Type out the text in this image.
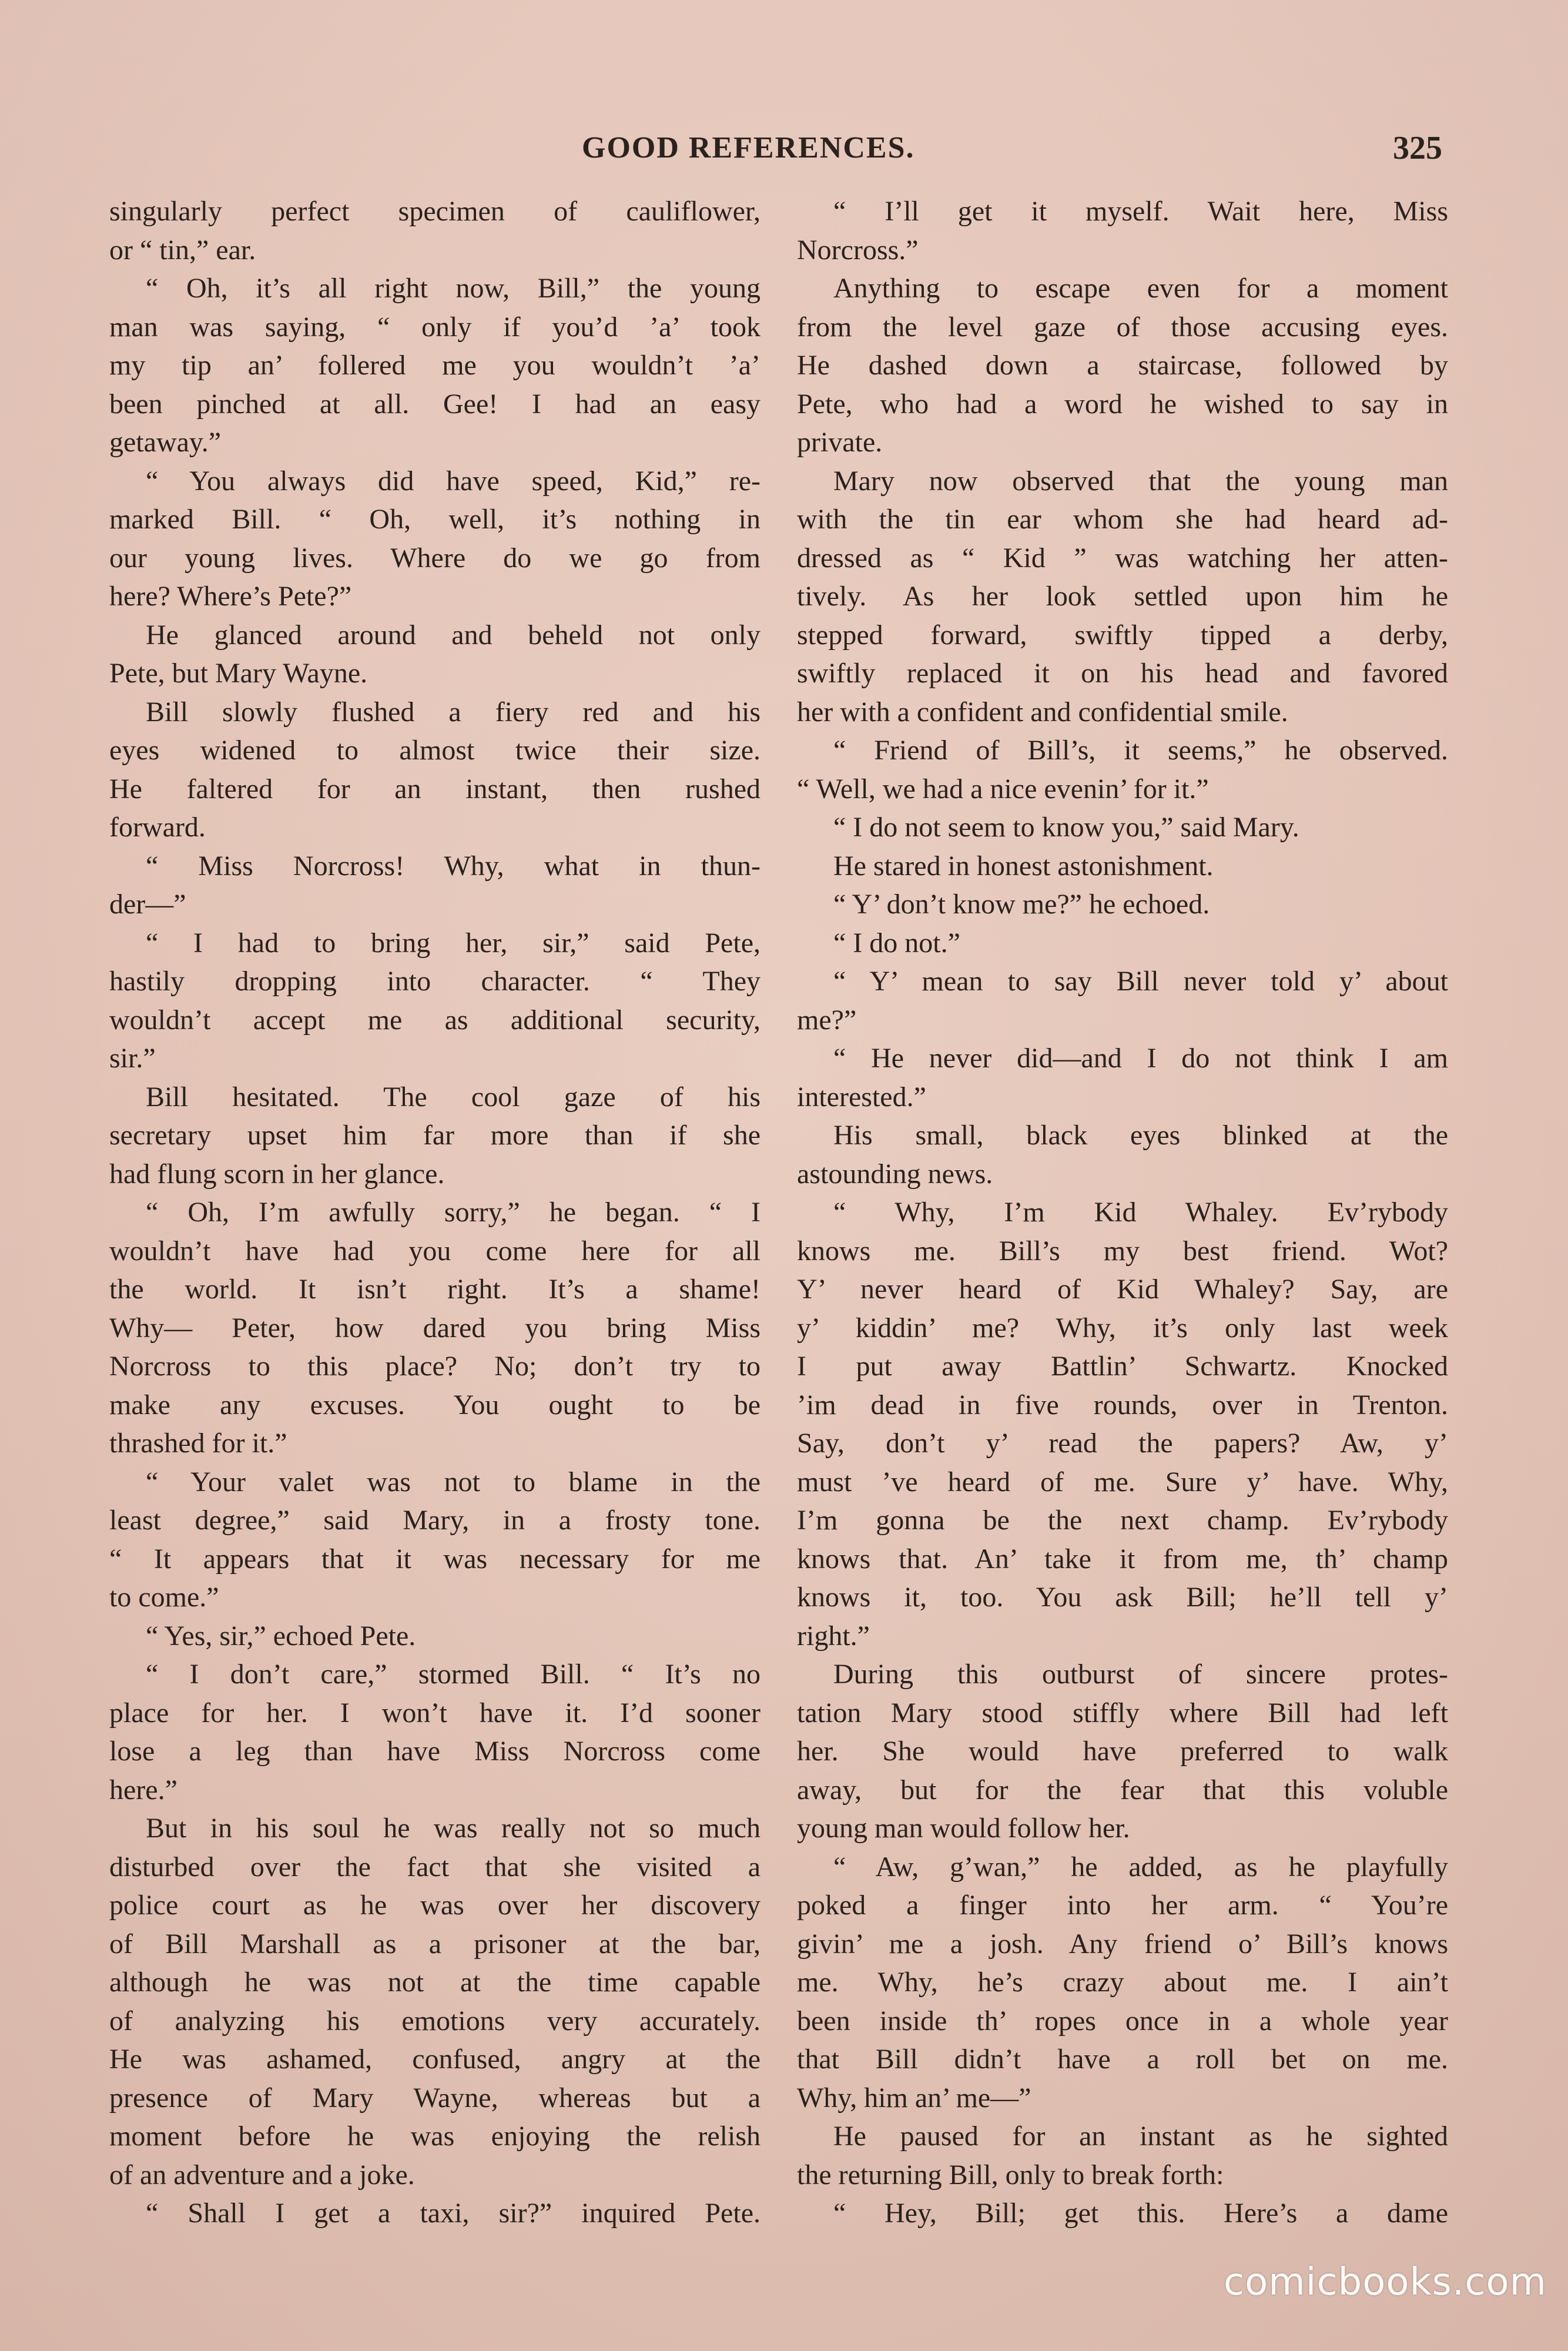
GOOD REFERENCES.	325
singularly perfect specimen of cauliflower,
or “ tin,” ear.
“ Oh, it’s all right now, Bill,” the young
man was saying, “ only if you’d ’a’ took
my tip an’ follered me you wouldn’t ’a’
been pinched at all. Gee! I had an easy
getaway.”
“ You always did have speed, Kid,” re-
marked Bill. “ Oh, well, it’s nothing in
our young lives. Where do we go from
here? Where’s Pete?”
He glanced around and beheld not only
Pete, but Mary Wayne.
Bill slowly flushed a fiery red and his
eyes widened to almost twice their size.
He faltered for an instant, then rushed
forward.
“ Miss Norcross! Why, what in thun-
der—”
“ I had to bring her, sir,” said Pete,
hastily dropping into character. “ They
wouldn’t accept me as additional security,
sir.”
Bill hesitated. The cool gaze of his
secretary upset him far more than if she
had flung scorn in her glance.
“ Oh, I’m awfully sorry,” he began. “ I
wouldn’t have had you come here for all
the world. It isn’t right. It’s a shame!
Why— Peter, how dared you bring Miss
Norcross to this place? No; don’t try to
make any excuses. You ought to be
thrashed for it.”
“ Your valet was not to blame in the
least degree,” said Mary, in a frosty tone.
“ It appears that it was necessary for me
to come.”
“ Yes, sir,” echoed Pete.
“ I don’t care,” stormed Bill. “ It’s no
place for her. I won’t have it. I’d sooner
lose a leg than have Miss Norcross come
here.”
But in his soul he was really not so much
disturbed over the fact that she visited a
police court as he was over her discovery
of Bill Marshall as a prisoner at the bar,
although he was not at the time capable
of analyzing his emotions very accurately.
He was ashamed, confused, angry at the
presence of Mary Wayne, whereas but a
moment before he was enjoying the relish
of an adventure and a joke.
“ Shall I get a taxi, sir?” inquired Pete.
“ I’ll get it myself. Wait here, Miss
Norcross.”
Anything to escape even for a moment
from the level gaze of those accusing eyes.
He dashed down a staircase, followed by
Pete, who had a word he wished to say in
private.
Mary now observed that the young man
with the tin ear whom she had heard ad-
dressed as “ Kid ” was watching her atten-
tively. As her look settled upon him he
stepped forward, swiftly tipped a derby,
swiftly replaced it on his head and favored
her with a confident and confidential smile.
“ Friend of Bill’s, it seems,” he observed.
“ Well, we had a nice evenin’ for it.”
“ I do not seem to know you,” said Mary.
He stared in honest astonishment.
“ Y’ don’t know me?” he echoed.
“ I do not.”
“ Y’ mean to say Bill never told y’ about
me?”
“ He never did—and I do not think I am
interested.”
His small, black eyes blinked at the
astounding news.
“ Why, I’m Kid Whaley. Ev’rybody
knows me. Bill’s my best friend. Wot?
Y’ never heard of Kid Whaley? Say, are
y’ kiddin’ me? Why, it’s only last week
I put away Battlin’ Schwartz. Knocked
’im dead in five rounds, over in Trenton.
Say, don’t y’ read the papers? Aw, y’
must ’ve heard of me. Sure y’ have. Why,
I’m gonna be the next champ. Ev’rybody
knows that. An’ take it from me, th’ champ
knows it, too. You ask Bill; he’ll tell y’
right.”
During this outburst of sincere protes-
tation Mary stood stiffly where Bill had left
her. She would have preferred to walk
away, but for the fear that this voluble
young man would follow her.
“ Aw, g’wan,” he added, as he playfully
poked a finger into her arm. “ You’re
givin’ me a josh. Any friend o’ Bill’s knows
me. Why, he’s crazy about me. I ain’t
been inside th’ ropes once in a whole year
that Bill didn’t have a roll bet on me.
Why, him an’ me—”
He paused for an instant as he sighted
the returning Bill, only to break forth:
“ Hey, Bill; get this. Here’s a dame
comicbooks.com
